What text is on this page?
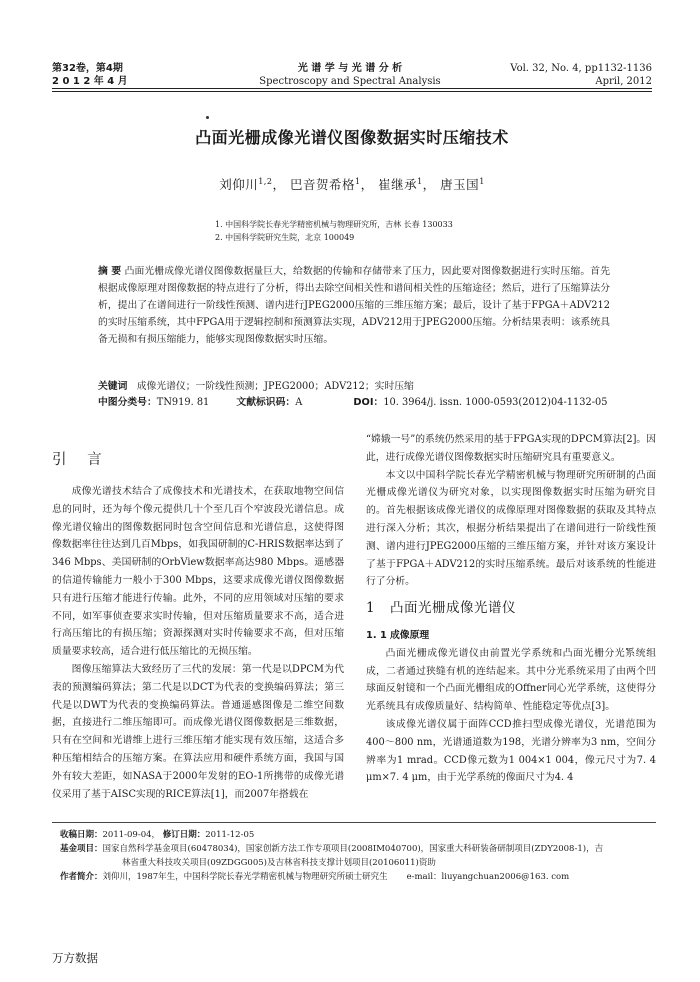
第32卷，第4期
2 0 1 2 年 4 月
光 谱 学 与 光 谱 分 析
Spectroscopy and Spectral Analysis
Vol. 32, No. 4, pp1132-1136
April, 2012
凸面光栅成像光谱仪图像数据实时压缩技术
刘仰川$^{1,2}$， 巴音贺希格$^1$， 崔继承$^1$， 唐玉国$^1$
1. 中国科学院长春光学精密机械与物理研究所，吉林 长春 130033
2. 中国科学院研究生院，北京 100049
摘 要 凸面光栅成像光谱仪图像数据量巨大，给数据的传输和存储带来了压力，因此要对图像数据进行实时压缩。首先根据成像原理对图像数据的特点进行了分析，得出去除空间相关性和谱间相关性的压缩途径；然后，进行了压缩算法分析，提出了在谱间进行一阶线性预测、谱内进行JPEG2000压缩的三维压缩方案；最后，设计了基于FPGA＋ADV212的实时压缩系统，其中FPGA用于逻辑控制和预测算法实现，ADV212用于JPEG2000压缩。分析结果表明：该系统具备无损和有损压缩能力，能够实现图像数据实时压缩。
关键词 成像光谱仪；一阶线性预测；JPEG2000；ADV212；实时压缩
中图分类号：TN919. 81	文献标识码：A	DOI：10. 3964/j. issn. 1000-0593(2012)04-1132-05
引 言

成像光谱技术结合了成像技术和光谱技术，在获取地物空间信息的同时，还为每个像元提供几十个至几百个窄波段光谱信息。成像光谱仪输出的图像数据同时包含空间信息和光谱信息，这使得图像数据率往往达到几百Mbps，如我国研制的C-HRIS数据率达到了346 Mbps、美国研制的OrbView数据率高达980 Mbps。遥感器的信道传输能力一般小于300 Mbps，这要求成像光谱仪图像数据只有进行压缩才能进行传输。此外，不同的应用领域对压缩的要求不同，如军事侦查要求实时传输，但对压缩质量要求不高，适合进行高压缩比的有损压缩；资源探测对实时传输要求不高，但对压缩质量要求较高，适合进行低压缩比的无损压缩。

图像压缩算法大致经历了三代的发展：第一代是以DPCM为代表的预测编码算法；第二代是以DCT为代表的变换编码算法；第三代是以DWT为代表的变换编码算法。普通遥感图像是二维空间数据，直接进行二维压缩即可。而成像光谱仪图像数据是三维数据，只有在空间和光谱维上进行三维压缩才能实现有效压缩，这适合多种压缩相结合的压缩方案。在算法应用和硬件系统方面，我国与国外有较大差距，如NASA于2000年发射的EO-1所携带的成像光谱仪采用了基于AISC实现的RICE算法[1]，而2007年搭载在

“嫦娥一号”的系统仍然采用的基于FPGA实现的DPCM算法[2]。因此，进行成像光谱仪图像数据实时压缩研究具有重要意义。

本文以中国科学院长春光学精密机械与物理研究所研制的凸面光栅成像光谱仪为研究对象，以实现图像数据实时压缩为研究目的。首先根据该成像光谱仪的成像原理对图像数据的获取及其特点进行深入分析；其次，根据分析结果提出了在谱间进行一阶线性预测、谱内进行JPEG2000压缩的三维压缩方案，并针对该方案设计了基于FPGA＋ADV212的实时压缩系统。最后对该系统的性能进行了分析。

1 凸面光栅成像光谱仪
1. 1 成像原理

凸面光栅成像光谱仪由前置光学系统和凸面光栅分光系统组成，二者通过狭缝有机的连结起来。其中分光系统采用了由两个凹球面反射镜和一个凸面光栅组成的Offner同心光学系统，这使得分光系统具有成像质量好、结构简单、性能稳定等优点[3]。

该成像光谱仪属于面阵CCD推扫型成像光谱仪，光谱范围为400～800 nm，光谱通道数为198，光谱分辨率为3 nm，空间分辨率为1 mrad。CCD像元数为1 004×1 004，像元尺寸为7. 4 μm×7. 4 μm，由于光学系统的像面尺寸为4. 4

收稿日期：2011-09-04， 修订日期：2011-12-05
基金项目：国家自然科学基金项目(60478034)，国家创新方法工作专项项目(2008IM040700)，国家重大科研装备研制项目(ZDY2008-1)，吉
林省重大科技攻关项目(09ZDGG005)及吉林省科技支撑计划项目(20106011)资助
作者简介：刘仰川，1987年生，中国科学院长春光学精密机械与物理研究所硕士研究生 e-mail：liuyangchuan2006@163. com
万方数据
